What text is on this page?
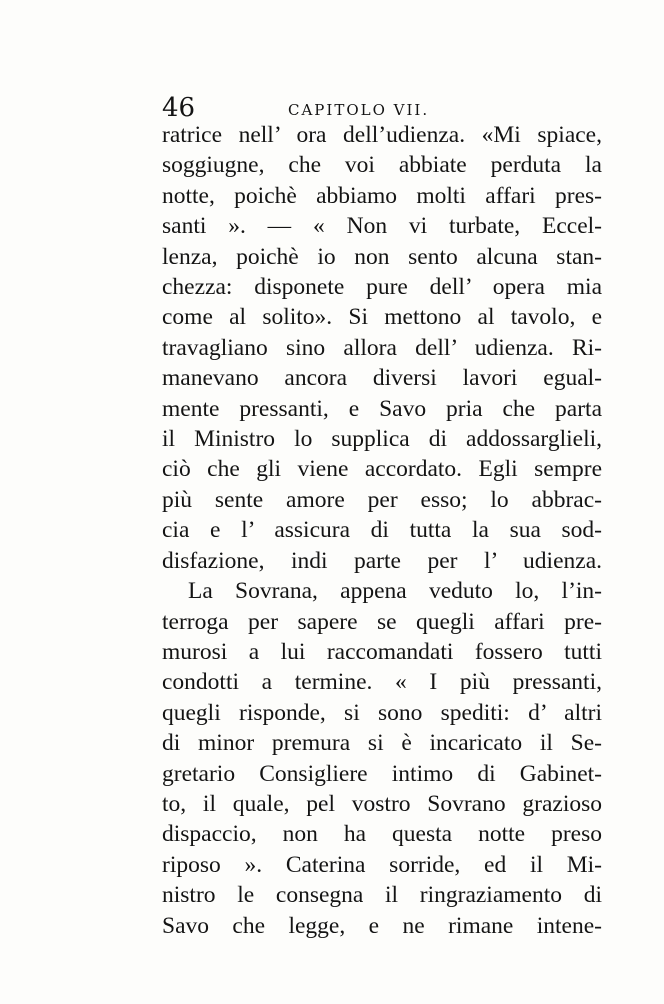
46	CAPITOLO VII.
ratrice nell’ ora dell’udienza. «Mi spiace,
soggiugne, che voi abbiate perduta la
notte, poichè abbiamo molti affari pres-
santi ». — « Non vi turbate, Eccel-
lenza, poichè io non sento alcuna stan-
chezza: disponete pure dell’ opera mia
come al solito». Si mettono al tavolo, e
travagliano sino allora dell’ udienza. Ri-
manevano ancora diversi lavori egual-
mente pressanti, e Savo pria che parta
il Ministro lo supplica di addossarglieli,
ciò che gli viene accordato. Egli sempre
più sente amore per esso; lo abbrac-
cia e l’ assicura di tutta la sua sod-
disfazione, indi parte per l’ udienza.
La Sovrana, appena veduto lo, l’in-
terroga per sapere se quegli affari pre-
murosi a lui raccomandati fossero tutti
condotti a termine. « I più pressanti,
quegli risponde, si sono spediti: d’ altri
di minor premura si è incaricato il Se-
gretario Consigliere intimo di Gabinet-
to, il quale, pel vostro Sovrano grazioso
dispaccio, non ha questa notte preso
riposo ». Caterina sorride, ed il Mi-
nistro le consegna il ringraziamento di
Savo che legge, e ne rimane intene-
